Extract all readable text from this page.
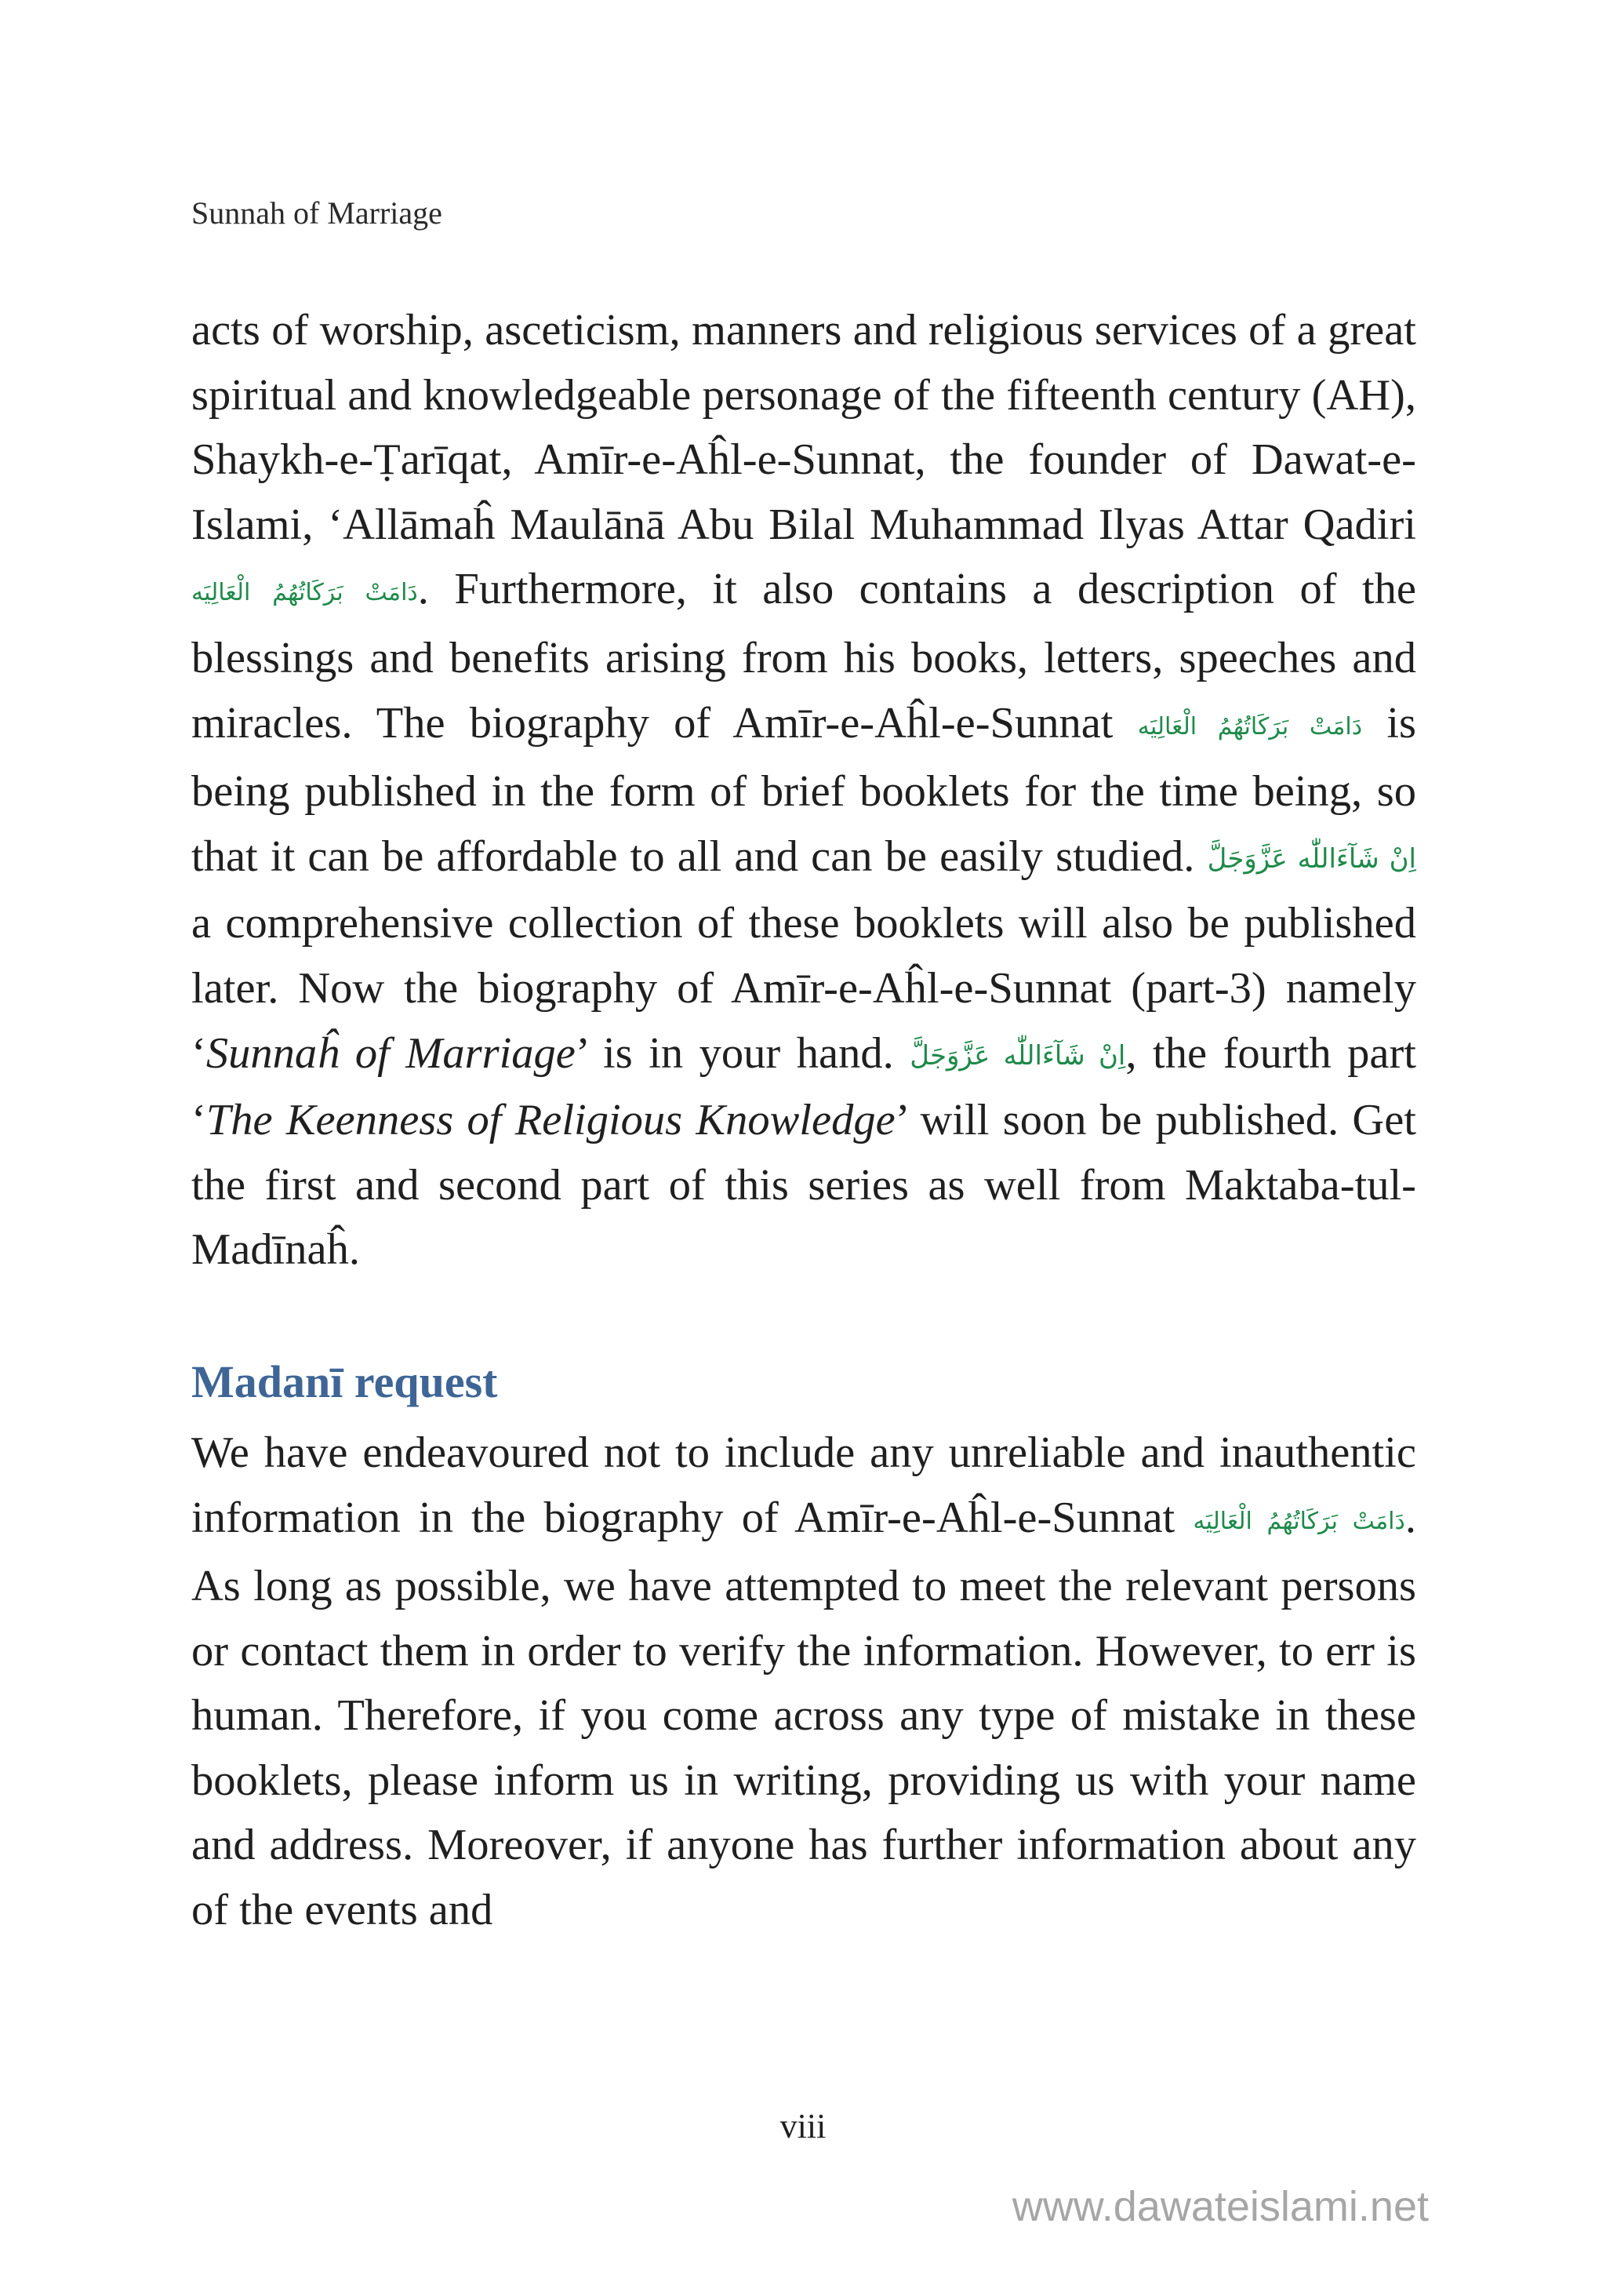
Sunnah of Marriage

acts of worship, asceticism, manners and religious services of a great spiritual and knowledgeable personage of the fifteenth century (AH), Shaykh-e-Ṭarīqat, Amīr-e-Aĥl-e-Sunnat, the founder of Dawat-e-Islami, ‘Allāmaĥ Maulānā Abu Bilal Muhammad Ilyas Attar Qadiri دَامَتْ بَرَكَاتُهُمُ الْعَالِيَه. Furthermore, it also contains a description of the blessings and benefits arising from his books, letters, speeches and miracles. The biography of Amīr-e-Aĥl-e-Sunnat دَامَتْ بَرَكَاتُهُمُ الْعَالِيَه is being published in the form of brief booklets for the time being, so that it can be affordable to all and can be easily studied. اِنْ شَآءَاللّٰه عَزَّوَجَلَّ a comprehensive collection of these booklets will also be published later. Now the biography of Amīr-e-Aĥl-e-Sunnat (part-3) namely ‘Sunnaĥ of Marriage’ is in your hand. اِنْ شَآءَاللّٰه عَزَّوَجَلَّ, the fourth part ‘The Keenness of Religious Knowledge’ will soon be published. Get the first and second part of this series as well from Maktaba-tul-Madīnaĥ.

Madanī request

We have endeavoured not to include any unreliable and inauthentic information in the biography of Amīr-e-Aĥl-e-Sunnat دَامَتْ بَرَكَاتُهُمُ الْعَالِيَه. As long as possible, we have attempted to meet the relevant persons or contact them in order to verify the information. However, to err is human. Therefore, if you come across any type of mistake in these booklets, please inform us in writing, providing us with your name and address. Moreover, if anyone has further information about any of the events and

viii
www.dawateislami.net
